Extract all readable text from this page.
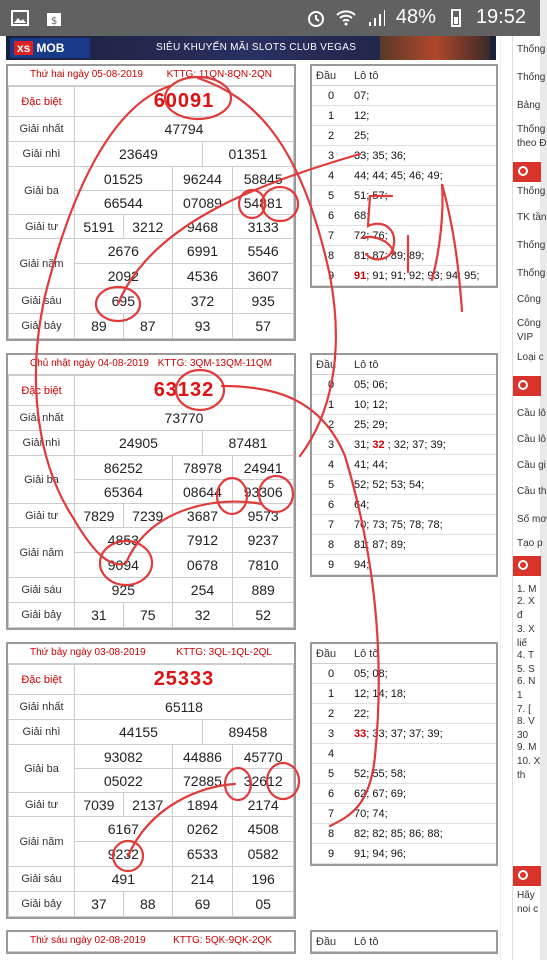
$	48% 19:52
xs MOB	SIÊU KHUYẾN MÃI SLOTS CLUB VEGAS	Thống
Thống
Bảng
Thống
theo Đ
Thống
TK tần
Thống
Thống
Công
Công
VIP
Loại c
Cầu lô
Cầu lô
Cầu gi
Cầu th
Số mơ
Tạo p
1. M
2. X
đ
3. X
liế
4. T
5. S
6. N
1
7. [
8. V
30
9. M
10. X
th
Hãy
noi c
Thứ hai ngày 05-08-2019 KTTG: 11QN-8QN-2QN
Đặc biệt	60091				
Giải nhất	47794				
Giải nhì	23649			01351	
Giải ba	01525		96244		58845
	66544		07089		54881
Giải tư	5191	3212	9468		3133
Giải năm	2676		6991		5546
	2092		4536		3607
Giải sáu	695		372		935
Giải bảy	89	87	93		57
Chủ nhật ngày 04-08-2019 KTTG: 3QM-13QM-11QM
Đặc biệt	63132				
Giải nhất	73770				
Giải nhì	24905			87481	
Giải ba	86252		78978		24941
	65364		08644		93306
Giải tư	7829	7239	3687		9573
Giải năm	4853		7912		9237
	9094		0678		7810
Giải sáu	925		254		889
Giải bảy	31	75	32		52
Thứ bảy ngày 03-08-2019	KTTG: 3QL-1QL-2QL
Đặc biệt	25333				
Giải nhất	65118				
Giải nhì	44155			89458	
Giải ba	93082		44886		45770
	05022		72885		32612
Giải tư	7039	2137	1894		2174
Giải năm	6167		0262		4508
	9232		6533		0582
Giải sáu	491		214		196
Giải bảy	37	88	69		05
Thứ sáu ngày 02-08-2019	KTTG: 5QK-9QK-2QK
Đầu	Lô tô
0	07;
1	12;
2	25;
3	33; 35; 36;
4	44; 44; 45; 46; 49;
5	51; 57;
6	68;
7	72; 76;
8	81; 87; 89; 89;
9	91; 91; 91; 92; 93; 94; 95;
Đầu	Lô tô
0	05; 06;
1	10; 12;
2	25; 29;
3	31; 32 ; 32; 37; 39;
4	41; 44;
5	52; 52; 53; 54;
6	64;
7	70; 73; 75; 78; 78;
8	81; 87; 89;
9	94;
Đầu	Lô tô
0	05; 08;
1	12; 14; 18;
2	22;
3	33; 33; 37; 37; 39;
4
5	52; 55; 58;
6	62; 67; 69;
7	70; 74;
8	82; 82; 85; 86; 88;
9	91; 94; 96;
Đầu	Lô tô
